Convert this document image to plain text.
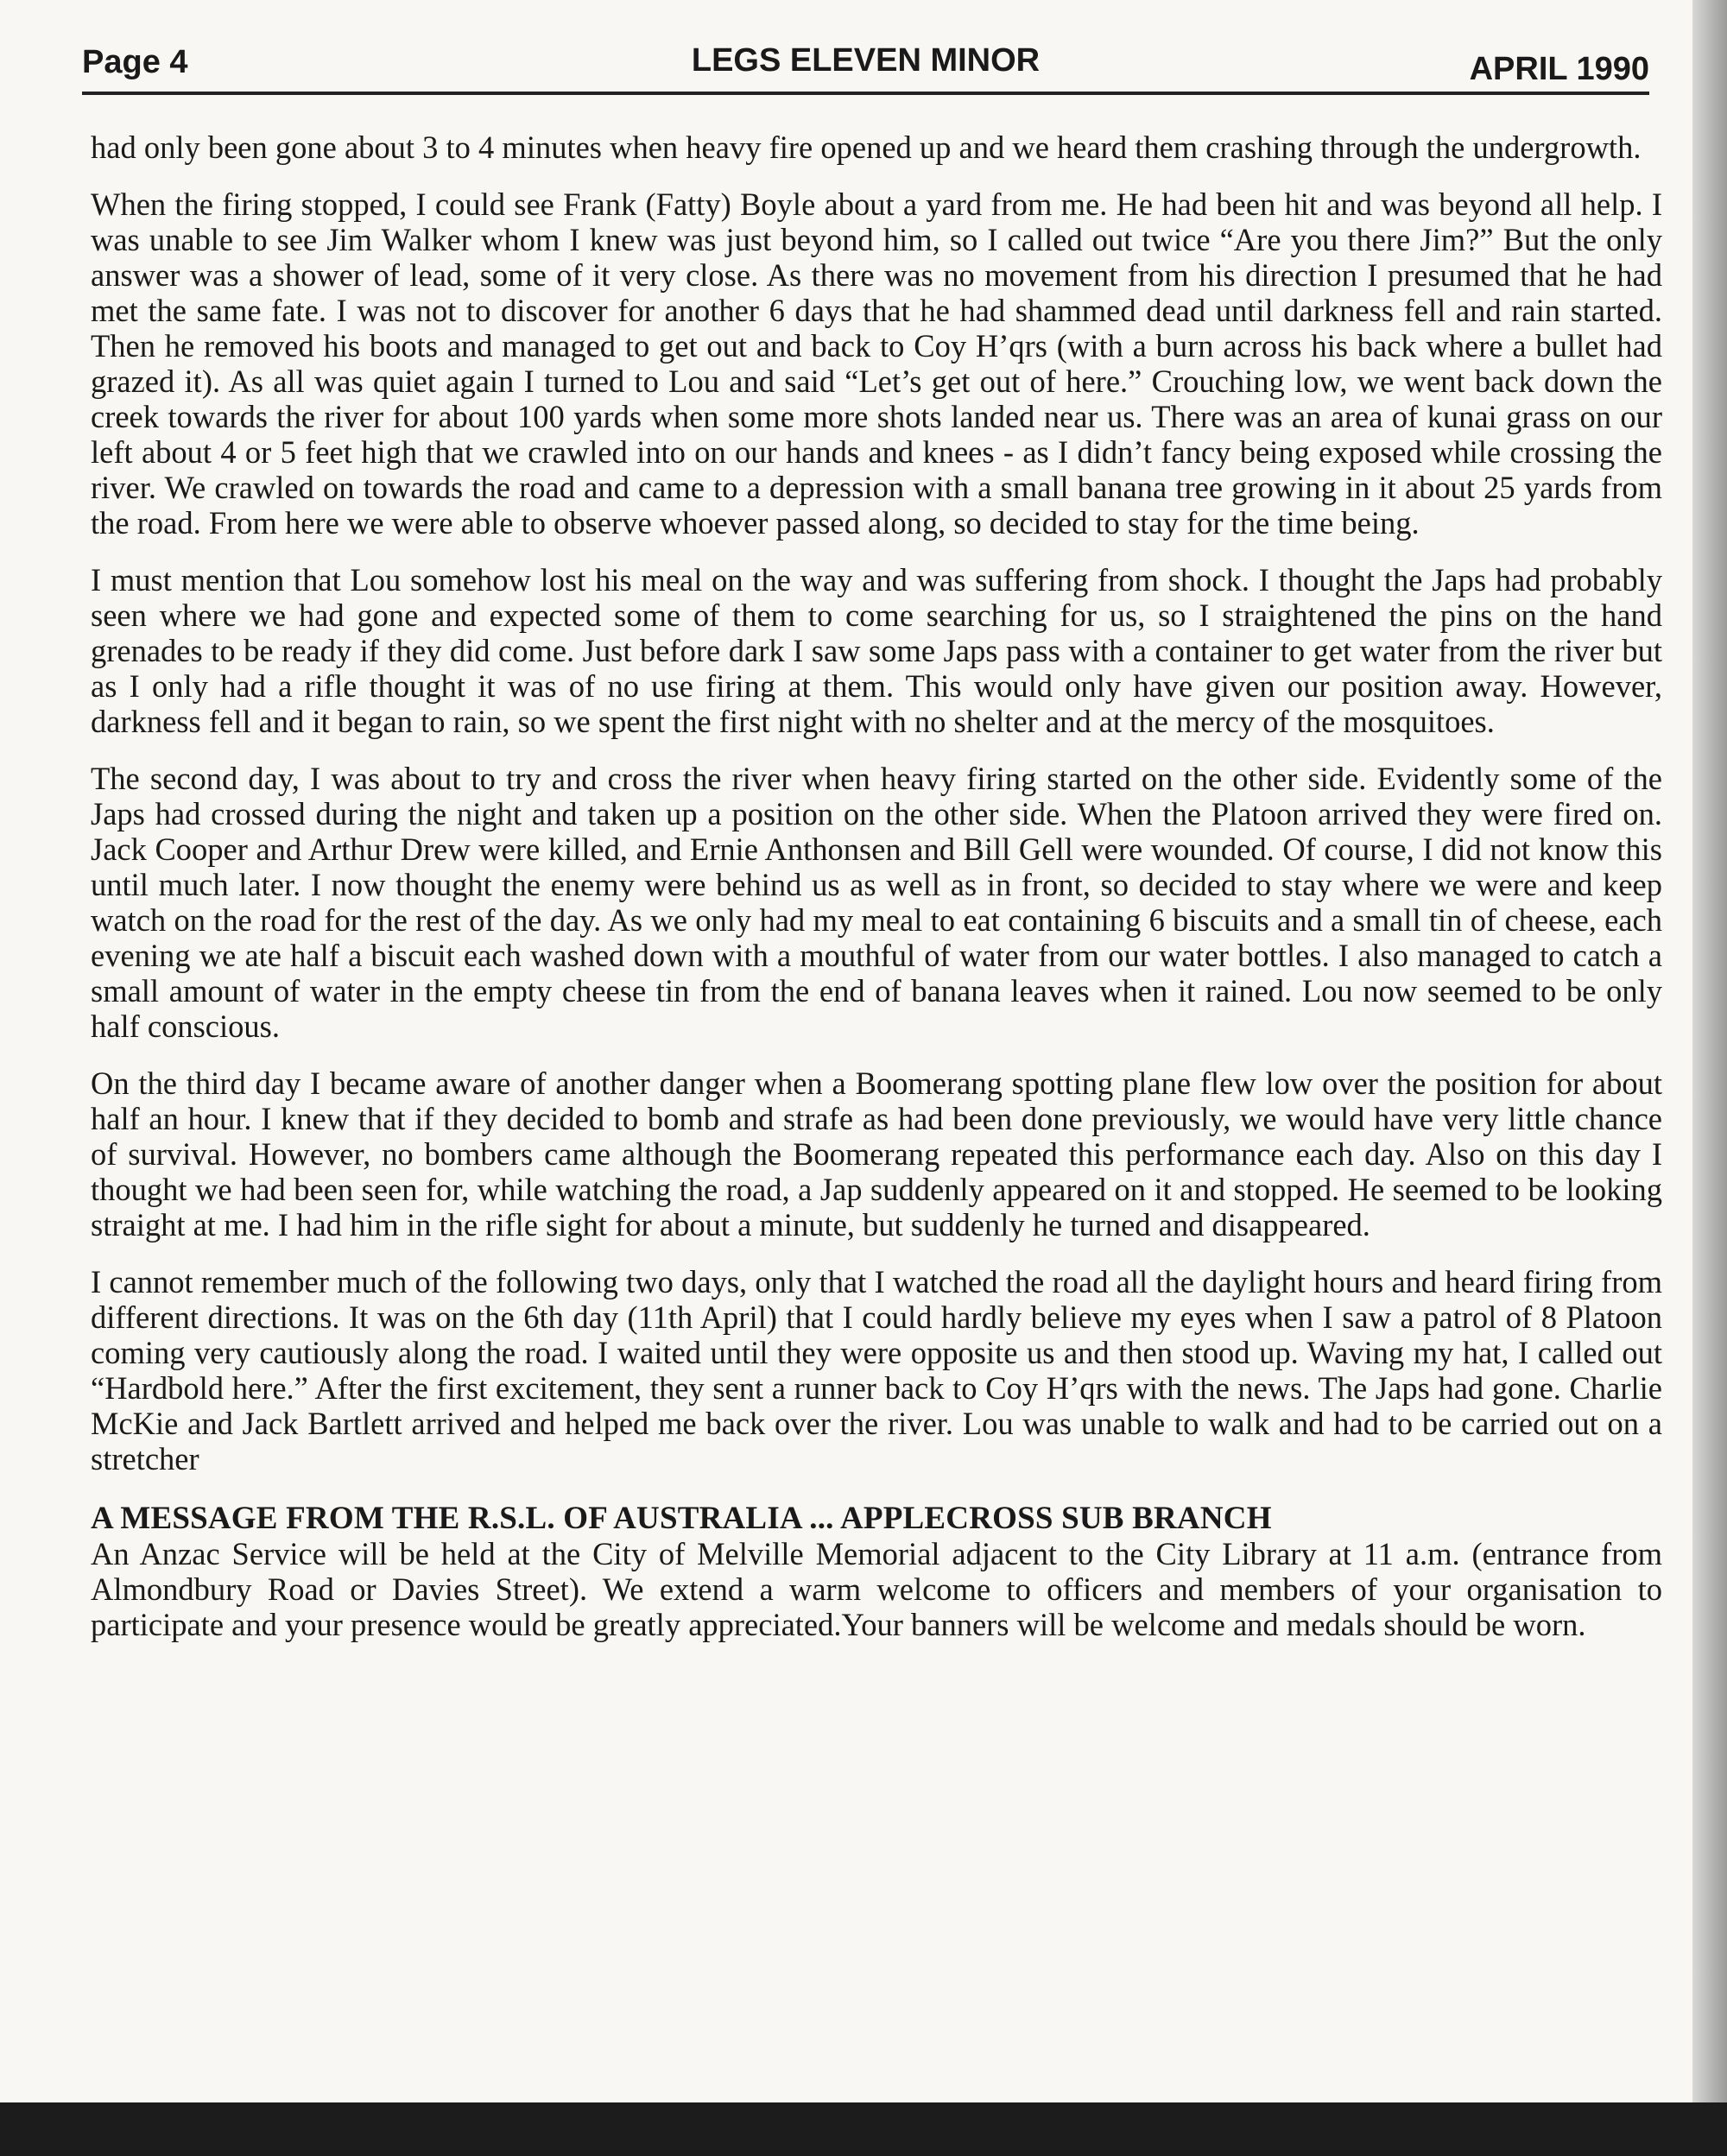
Page 4	LEGS ELEVEN MINOR	APRIL 1990

had only been gone about 3 to 4 minutes when heavy fire opened up and we heard them crashing through the undergrowth.

When the firing stopped, I could see Frank (Fatty) Boyle about a yard from me. He had been hit and was beyond all help. I was unable to see Jim Walker whom I knew was just beyond him, so I called out twice “Are you there Jim?” But the only answer was a shower of lead, some of it very close. As there was no movement from his direction I presumed that he had met the same fate. I was not to discover for another 6 days that he had shammed dead until darkness fell and rain started. Then he removed his boots and managed to get out and back to Coy H’qrs (with a burn across his back where a bullet had grazed it). As all was quiet again I turned to Lou and said “Let’s get out of here.” Crouching low, we went back down the creek towards the river for about 100 yards when some more shots landed near us. There was an area of kunai grass on our left about 4 or 5 feet high that we crawled into on our hands and knees - as I didn’t fancy being exposed while crossing the river. We crawled on towards the road and came to a depression with a small banana tree growing in it about 25 yards from the road. From here we were able to observe whoever passed along, so decided to stay for the time being.

I must mention that Lou somehow lost his meal on the way and was suffering from shock. I thought the Japs had probably seen where we had gone and expected some of them to come searching for us, so I straightened the pins on the hand grenades to be ready if they did come. Just before dark I saw some Japs pass with a container to get water from the river but as I only had a rifle thought it was of no use firing at them. This would only have given our position away. However, darkness fell and it began to rain, so we spent the first night with no shelter and at the mercy of the mosquitoes.

The second day, I was about to try and cross the river when heavy firing started on the other side. Evidently some of the Japs had crossed during the night and taken up a position on the other side. When the Platoon arrived they were fired on. Jack Cooper and Arthur Drew were killed, and Ernie Anthonsen and Bill Gell were wounded. Of course, I did not know this until much later. I now thought the enemy were behind us as well as in front, so decided to stay where we were and keep watch on the road for the rest of the day. As we only had my meal to eat containing 6 biscuits and a small tin of cheese, each evening we ate half a biscuit each washed down with a mouthful of water from our water bottles. I also managed to catch a small amount of water in the empty cheese tin from the end of banana leaves when it rained. Lou now seemed to be only half conscious.

On the third day I became aware of another danger when a Boomerang spotting plane flew low over the position for about half an hour. I knew that if they decided to bomb and strafe as had been done previously, we would have very little chance of survival. However, no bombers came although the Boomerang repeated this performance each day. Also on this day I thought we had been seen for, while watching the road, a Jap suddenly appeared on it and stopped. He seemed to be looking straight at me. I had him in the rifle sight for about a minute, but suddenly he turned and disappeared.

I cannot remember much of the following two days, only that I watched the road all the daylight hours and heard firing from different directions. It was on the 6th day (11th April) that I could hardly believe my eyes when I saw a patrol of 8 Platoon coming very cautiously along the road. I waited until they were opposite us and then stood up. Waving my hat, I called out “Hardbold here.” After the first excitement, they sent a runner back to Coy H’qrs with the news. The Japs had gone. Charlie McKie and Jack Bartlett arrived and helped me back over the river. Lou was unable to walk and had to be carried out on a stretcher

A MESSAGE FROM THE R.S.L. OF AUSTRALIA ... APPLECROSS SUB BRANCH

An Anzac Service will be held at the City of Melville Memorial adjacent to the City Library at 11 a.m. (entrance from Almondbury Road or Davies Street). We extend a warm welcome to officers and members of your organisation to participate and your presence would be greatly appreciated.Your banners will be welcome and medals should be worn.
